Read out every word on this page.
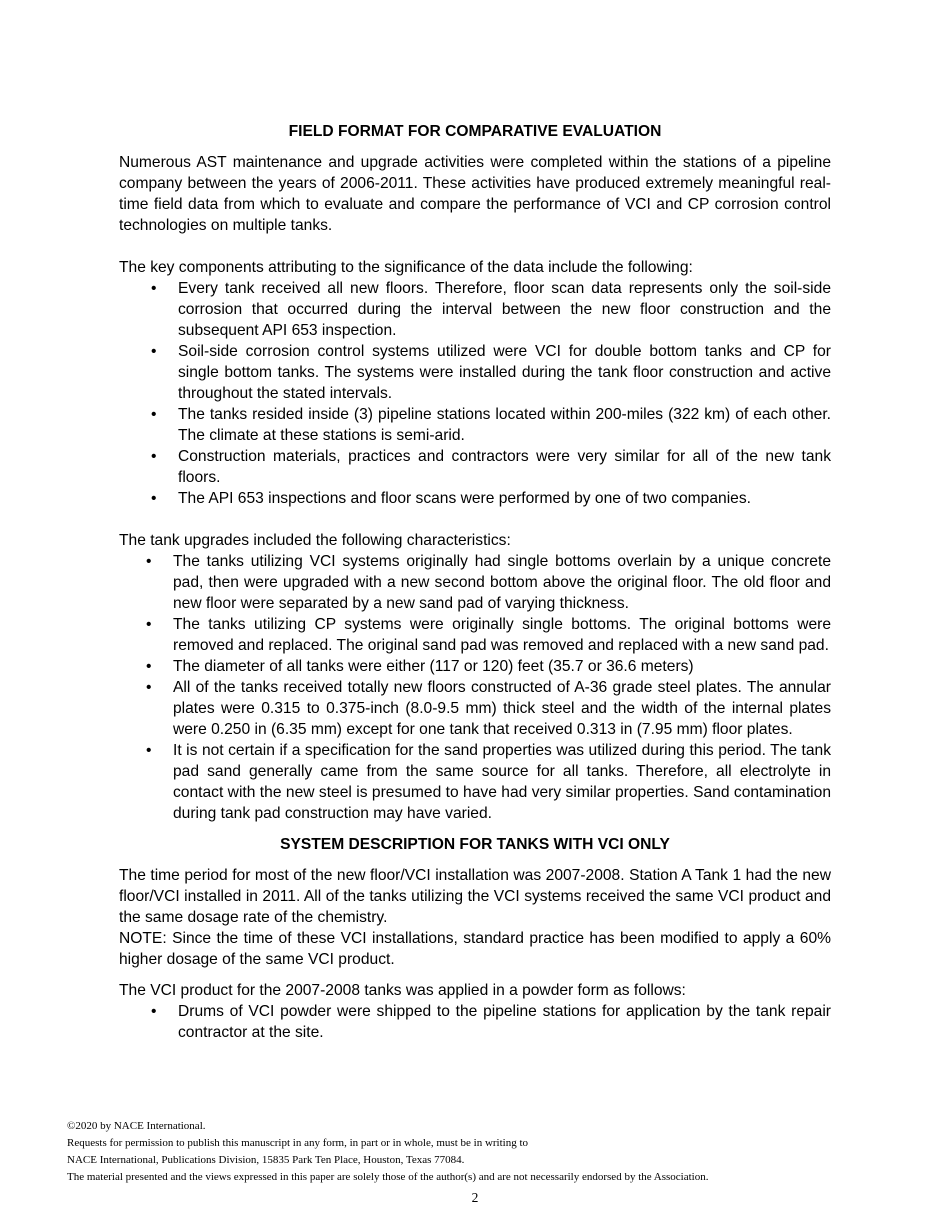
FIELD FORMAT FOR COMPARATIVE EVALUATION

Numerous AST maintenance and upgrade activities were completed within the stations of a pipeline company between the years of 2006-2011. These activities have produced extremely meaningful real-time field data from which to evaluate and compare the performance of VCI and CP corrosion control technologies on multiple tanks.

The key components attributing to the significance of the data include the following:

• Every tank received all new floors. Therefore, floor scan data represents only the soil-side corrosion that occurred during the interval between the new floor construction and the subsequent API 653 inspection.
• Soil-side corrosion control systems utilized were VCI for double bottom tanks and CP for single bottom tanks. The systems were installed during the tank floor construction and active throughout the stated intervals.
• The tanks resided inside (3) pipeline stations located within 200-miles (322 km) of each other. The climate at these stations is semi-arid.
• Construction materials, practices and contractors were very similar for all of the new tank floors.
• The API 653 inspections and floor scans were performed by one of two companies.

The tank upgrades included the following characteristics:

• The tanks utilizing VCI systems originally had single bottoms overlain by a unique concrete pad, then were upgraded with a new second bottom above the original floor. The old floor and new floor were separated by a new sand pad of varying thickness.
• The tanks utilizing CP systems were originally single bottoms. The original bottoms were removed and replaced. The original sand pad was removed and replaced with a new sand pad.
• The diameter of all tanks were either (117 or 120) feet (35.7 or 36.6 meters)
• All of the tanks received totally new floors constructed of A-36 grade steel plates. The annular plates were 0.315 to 0.375-inch (8.0-9.5 mm) thick steel and the width of the internal plates were 0.250 in (6.35 mm) except for one tank that received 0.313 in (7.95 mm) floor plates.
• It is not certain if a specification for the sand properties was utilized during this period. The tank pad sand generally came from the same source for all tanks. Therefore, all electrolyte in contact with the new steel is presumed to have had very similar properties. Sand contamination during tank pad construction may have varied.

SYSTEM DESCRIPTION FOR TANKS WITH VCI ONLY

The time period for most of the new floor/VCI installation was 2007-2008. Station A Tank 1 had the new floor/VCI installed in 2011. All of the tanks utilizing the VCI systems received the same VCI product and the same dosage rate of the chemistry.

NOTE: Since the time of these VCI installations, standard practice has been modified to apply a 60% higher dosage of the same VCI product.

The VCI product for the 2007-2008 tanks was applied in a powder form as follows:

• Drums of VCI powder were shipped to the pipeline stations for application by the tank repair contractor at the site.

©2020 by NACE International.

Requests for permission to publish this manuscript in any form, in part or in whole, must be in writing to

NACE International, Publications Division, 15835 Park Ten Place, Houston, Texas 77084.

The material presented and the views expressed in this paper are solely those of the author(s) and are not necessarily endorsed by the Association.

2
